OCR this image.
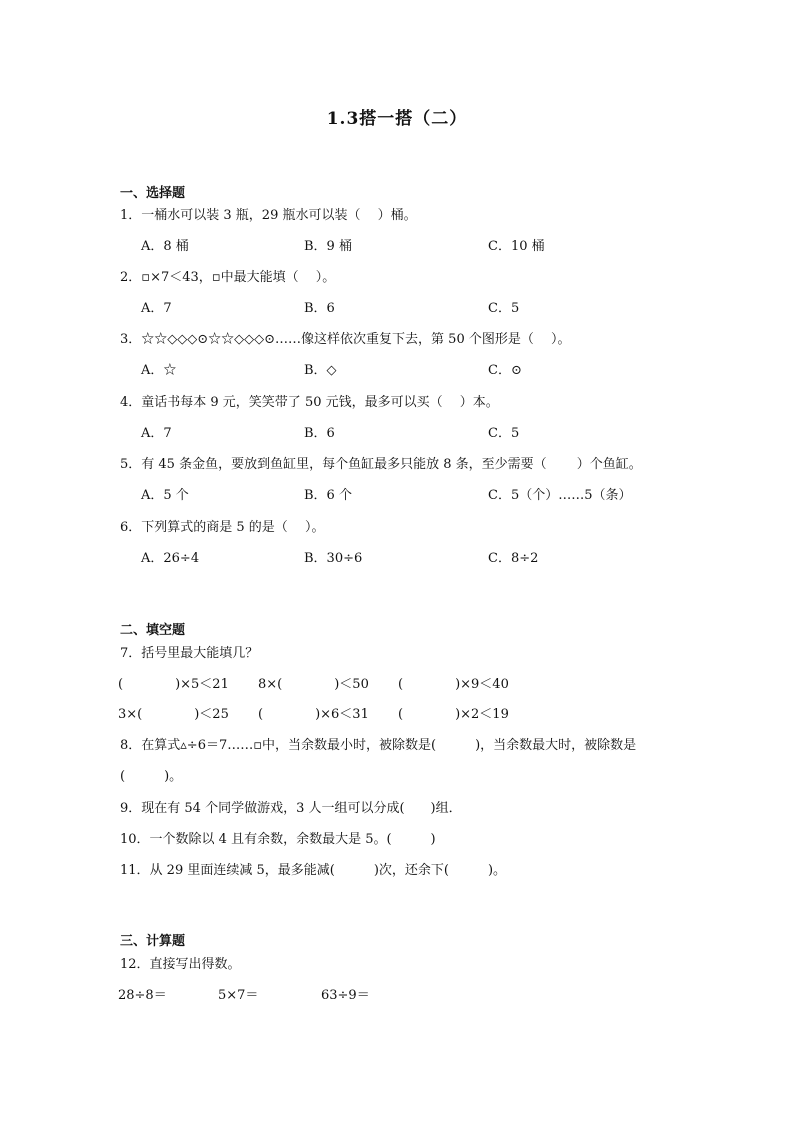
1.3搭一搭（二）
一、选择题
1．一桶水可以装 3 瓶，29 瓶水可以装（　 ）桶。
A．8 桶	B．9 桶	C．10 桶
2．▫×7＜43，▫中最大能填（　 ）。
A．7	B．6	C．5
3．☆☆◇◇◇⊙☆☆◇◇◇⊙……像这样依次重复下去，第 50 个图形是（　 ）。
A．☆	B．◇	C．⊙
4．童话书每本 9 元，笑笑带了 50 元钱，最多可以买（　 ）本。
A．7	B．6	C．5
5．有 45 条金鱼，要放到鱼缸里，每个鱼缸最多只能放 8 条，至少需要（　　 ）个鱼缸。
A．5 个	B．6 个	C．5（个）……5（条）
6．下列算式的商是 5 的是（　 ）。
A．26÷4	B．30÷6	C．8÷2
二、填空题
7．括号里最大能填几？
(　　　　)×5＜21 8×(　　　　)＜50 (　　　　)×9＜40
3×(　　　　)＜25 (　　　　)×6＜31 (　　　　)×2＜19
8．在算式▵÷6＝7……▫中，当余数最小时，被除数是(　　　)，当余数最大时，被除数是
(　　　)。
9．现在有 54 个同学做游戏，3 人一组可以分成(　　)组．
10．一个数除以 4 且有余数，余数最大是 5。(　　　)
11．从 29 里面连续减 5，最多能减(　　　)次，还余下(　　　)。
三、计算题
12．直接写出得数。
28÷8＝	5×7＝	63÷9＝
